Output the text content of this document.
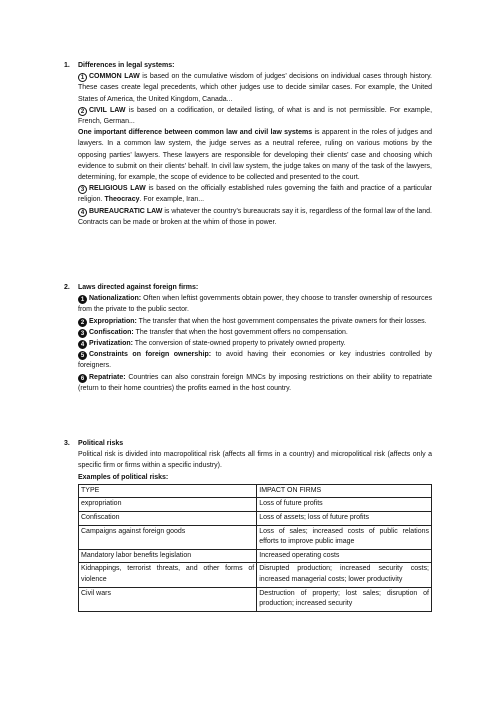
1.	Differences in legal systems:

1 COMMON LAW is based on the cumulative wisdom of judges’ decisions on individual cases through history. These cases create legal precedents, which other judges use to decide similar cases. For example, the United States of America, the United Kingdom, Canada...

2 CIVIL LAW is based on a codification, or detailed listing, of what is and is not permissible. For example, French, German...

One important difference between common law and civil law systems is apparent in the roles of judges and lawyers. In a common law system, the judge serves as a neutral referee, ruling on various motions by the opposing parties’ lawyers. These lawyers are responsible for developing their clients’ case and choosing which evidence to submit on their clients’ behalf. In civil law system, the judge takes on many of the task of the lawyers, determining, for example, the scope of evidence to be collected and presented to the court.

3 RELIGIOUS LAW is based on the officially established rules governing the faith and practice of a particular religion. Theocracy. For example, Iran...

4 BUREAUCRATIC LAW is whatever the country’s bureaucrats say it is, regardless of the formal law of the land. Contracts can be made or broken at the whim of those in power.

2.	Laws directed against foreign firms:

1 Nationalization: Often when leftist governments obtain power, they choose to transfer ownership of resources from the private to the public sector.

2 Expropriation: The transfer that when the host government compensates the private owners for their losses.

3 Confiscation: The transfer that when the host government offers no compensation.

4 Privatization: The conversion of state-owned property to privately owned property.

5 Constraints on foreign ownership: to avoid having their economies or key industries controlled by foreigners.

6 Repatriate: Countries can also constrain foreign MNCs by imposing restrictions on their ability to repatriate (return to their home countries) the profits earned in the host country.

3.	Political risks

Political risk is divided into macropolitical risk (affects all firms in a country) and micropolitical risk (affects only a specific firm or firms within a specific industry).

Examples of political risks:

TYPE	IMPACT ON FIRMS
expropriation	Loss of future profits
Confiscation	Loss of assets; loss of future profits
Campaigns against foreign goods	Loss of sales; increased costs of public relations efforts to improve public image
Mandatory labor benefits legislation	Increased operating costs
Kidnappings, terrorist threats, and other forms of violence	Disrupted production; increased security costs; increased managerial costs; lower productivity
Civil wars	Destruction of property; lost sales; disruption of production; increased security
